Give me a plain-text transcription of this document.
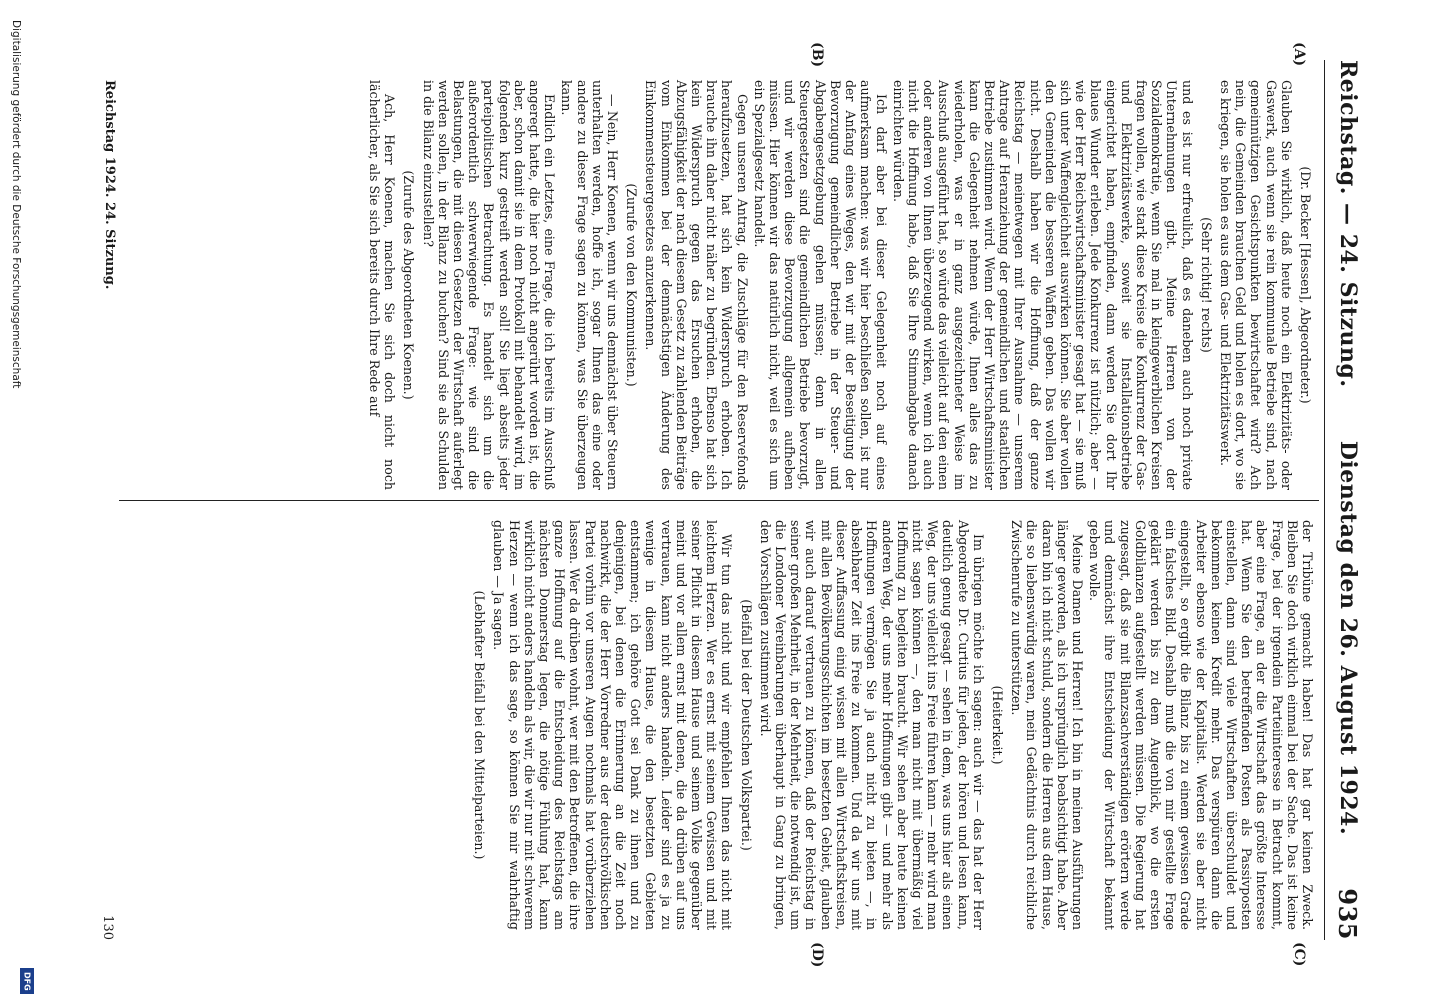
Digitalisierung gefördert durch die Deutsche Forschungsgemeinschaft
DFG
Reichstag. — 24. Sitzung.
Dienstag den 26. August 1924.
935
(A)
(B)
(C)
(D)
(Dr. Becker [Hessen], Abgeordneter.)

Glauben Sie wirklich, daß heute noch ein Elektrizitäts- oder Gaswerk, auch wenn sie rein kommunale Betriebe sind, nach gemeinnützigen Gesichtspunkten bewirtschaftet wird? Ach nein, die Gemeinden brauchen Geld und holen es dort, wo sie es kriegen, sie holen es aus dem Gas- und Elektrizitätswerk.

(Sehr richtig! rechts)

und es ist nur erfreulich, daß es daneben auch noch private Unternehmungen gibt. Meine Herren von der Sozialdemokratie, wenn Sie mal in kleingewerblichen Kreisen fragen wollen, wie stark diese Kreise die Konkurrenz der Gas- und Elektrizitätswerke, soweit sie Installationsbetriebe eingerichtet haben, empfinden, dann werden Sie dort Ihr blaues Wunder erleben. Jede Konkurrenz ist nützlich; aber — wie der Herr Reichswirtschaftsminister gesagt hat — sie muß sich unter Waffengleichheit auswirken können. Sie aber wollen den Gemeinden die besseren Waffen geben. Das wollen wir nicht. Deshalb haben wir die Hoffnung, daß der ganze Reichstag — meinetwegen mit Ihrer Ausnahme — unserem Antrage auf Heranziehung der gemeindlichen und staatlichen Betriebe zustimmen wird. Wenn der Herr Wirtschaftsminister kann die Gelegenheit nehmen würde, Ihnen alles das zu wiederholen, was er in ganz ausgezeichneter Weise im Ausschuß ausgeführt hat, so würde das vielleicht auf den einen oder anderen von Ihnen überzeugend wirken, wenn ich auch nicht die Hoffnung habe, daß Sie Ihre Stimmabgabe danach einrichten würden.

Ich darf aber bei dieser Gelegenheit noch auf eines aufmerksam machen: was wir hier beschließen sollen, ist nur der Anfang eines Weges, den wir mit der Beseitigung der Bevorzugung gemeindlicher Betriebe in der Steuer- und Abgabengesetzgebung gehen müssen; denn in allen Steuergesetzen sind die gemeindlichen Betriebe bevorzugt, und wir werden diese Bevorzugung allgemein aufheben müssen. Hier können wir das natürlich nicht, weil es sich um ein Spezialgesetz handelt.

Gegen unseren Antrag, die Zuschläge für den Reservefonds heraufzusetzen, hat sich kein Widerspruch erhoben. Ich brauche ihn daher nicht näher zu begründen. Ebenso hat sich kein Widerspruch gegen das Ersuchen erhoben, die Abzugsfähigkeit der nach diesem Gesetz zu zahlenden Beiträge vom Einkommen bei der demnächstigen Änderung des Einkommensteuergesetzes anzuerkennen.

(Zurufe von den Kommunisten.)

— Nein, Herr Koenen, wenn wir uns demnächst über Steuern unterhalten werden, hoffe ich, sogar Ihnen das eine oder andere zu dieser Frage sagen zu können, was Sie überzeugen kann.

Endlich ein Letztes, eine Frage, die ich bereits im Ausschuß angeregt hatte, die hier noch nicht angerührt worden ist, die aber, schon damit sie in dem Protokoll mit behandelt wird, im folgenden kurz gestreift werden soll! Sie liegt abseits jeder parteipolitischen Betrachtung. Es handelt sich um die außerordentlich schwerwiegende Frage: wie sind die Belastungen, die mit diesen Gesetzen der Wirtschaft auferlegt werden sollen, in der Bilanz zu buchen? Sind sie als Schulden in die Bilanz einzustellen?

(Zurufe des Abgeordneten Koenen.)

Ach, Herr Koenen, machen Sie sich doch nicht noch lächerlicher, als Sie sich bereits durch Ihre Rede auf

der Tribüne gemacht haben! Das hat gar keinen Zweck. Bleiben Sie doch wirklich einmal bei der Sache. Das ist keine Frage, bei der irgendein Parteiinteresse in Betracht kommt, aber eine Frage, an der die Wirtschaft das größte Interesse hat. Wenn Sie den betreffenden Posten als Passivposten einstellen, dann sind viele Wirtschaften überschuldet und bekommen keinen Kredit mehr. Das verspüren dann die Arbeiter ebenso wie der Kapitalist. Werden sie aber nicht eingestellt, so ergibt die Bilanz bis zu einem gewissen Grade ein falsches Bild. Deshalb muß die von mir gestellte Frage geklärt werden bis zu dem Augenblick, wo die ersten Goldbilanzen aufgestellt werden müssen. Die Regierung hat zugesagt, daß sie mit Bilanzsachverständigen erörtern werde und demnächst ihre Entscheidung der Wirtschaft bekannt geben wolle.

Meine Damen und Herren! Ich bin in meinen Ausführungen länger geworden, als ich ursprünglich beabsichtigt habe. Aber daran bin ich nicht schuld, sondern die Herren aus dem Hause, die so liebenswürdig waren, mein Gedächtnis durch reichliche Zwischenrufe zu unterstützen.

(Heiterkeit.)

Im übrigen möchte ich sagen: auch wir — das hat der Herr Abgeordnete Dr. Curtius für jeden, der hören und lesen kann, deutlich genug gesagt — sehen in dem, was uns hier als einen Weg, der uns vielleicht ins Freie führen kann — mehr wird man nicht sagen können —, den man nicht mit übermäßig viel Hoffnung zu begleiten braucht. Wir sehen aber heute keinen anderen Weg, der uns mehr Hoffnungen gibt — und mehr als Hoffnungen vermögen Sie ja auch nicht zu bieten —, in absehbarer Zeit ins Freie zu kommen. Und da wir uns mit dieser Auffassung einig wissen mit allen Wirtschaftskreisen, mit allen Bevölkerungsschichten im besetzten Gebiet, glauben wir auch darauf vertrauen zu können, daß der Reichstag in seiner großen Mehrheit, in der Mehrheit, die notwendig ist, um die Londoner Vereinbarungen überhaupt in Gang zu bringen, den Vorschlägen zustimmen wird.

(Beifall bei der Deutschen Volkspartei.)

Wir tun das nicht und wir empfehlen Ihnen das nicht mit leichtem Herzen. Wer es ernst mit seinem Gewissen und mit seiner Pflicht in diesem Hause und seinem Volke gegenüber meint und vor allem ernst mit denen, die da drüben auf uns vertrauen, kann nicht anders handeln. Leider sind es ja zu wenige in diesem Hause, die den besetzten Gebieten entstammen; ich gehöre Gott sei Dank zu ihnen und zu denjenigen, bei denen die Erinnerung an die Zeit noch nachwirkt, die der Herr Vorredner aus der deutschvölkischen Partei vorhin vor unseren Augen nochmals hat vorüberziehen lassen. Wer da drüben wohnt, wer mit den Betroffenen, die ihre ganze Hoffnung auf die Entscheidung des Reichstags am nächsten Donnerstag legen, die nötige Fühlung hat, kann wirklich nicht anders handeln als wir, die wir nur mit schwerem Herzen — wenn ich das sage, so können Sie mir wahrhaftig glauben — Ja sagen.

(Lebhafter Beifall bei den Mittelparteien.)

Reichstag 1924. 24. Sitzung.
130
